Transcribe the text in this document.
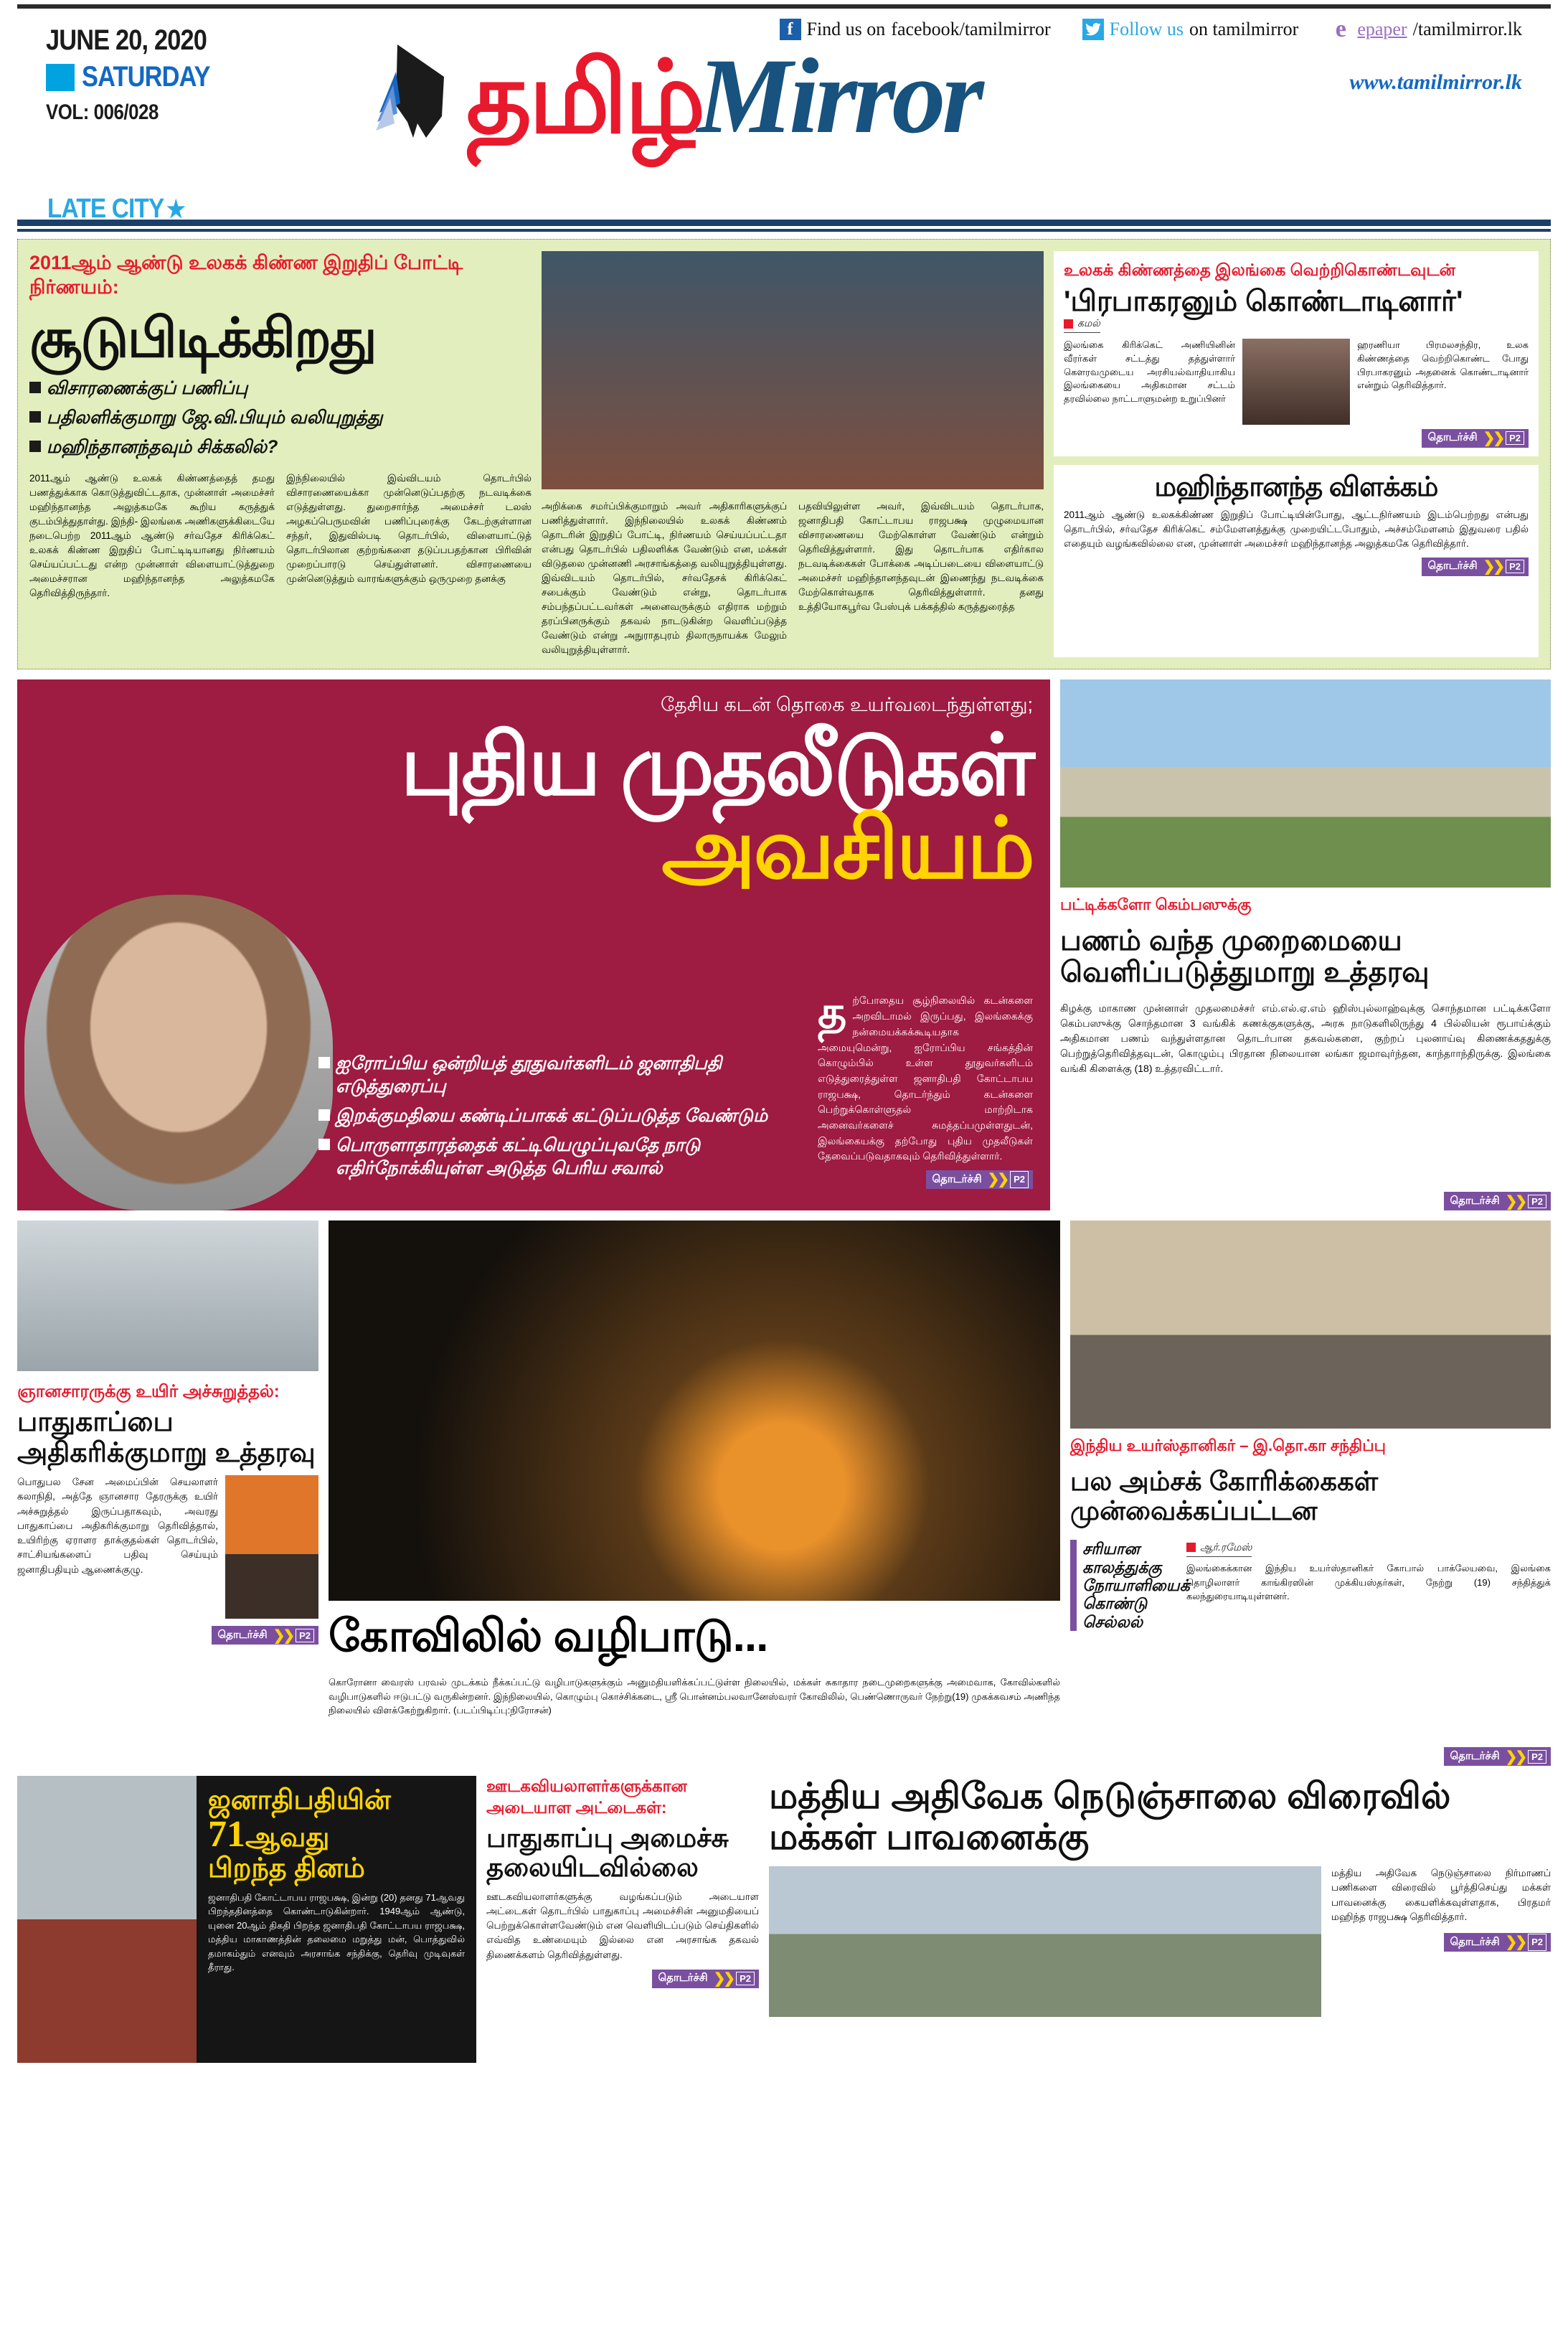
JUNE 20, 2020
SATURDAY
VOL: 006/028
LATE CITY ★
f Find us on facebook/tamilmirror	Follow us on tamilmirror e epaper /tamilmirror.lk
தமிழ்
Mirror	www.tamilmirror.lk
2011ஆம் ஆண்டு உலகக் கிண்ண இறுதிப் போட்டி நிர்ணயம்:
சூடுபிடிக்கிறது
விசாரணைக்குப் பணிப்பு
பதிலளிக்குமாறு ஜே.வி.பியும் வலியுறுத்து
மஹிந்தானந்தவும் சிக்கலில்?
2011ஆம் ஆண்டு உலகக் கிண்ணத்தைத் தமது பணத்துக்காக கொடுத்துவிட்டதாக, முன்னாள் அமைச்சர் மஹிந்தானந்த அலுத்கமகே கூறிய கருத்துக் குடம்பித்துதாள்து. இந்தி- இலங்கை அணிகளுக்கிடையே நடைபெற்ற 2011ஆம் ஆண்டு சர்வதேச கிரிக்கெட் உலகக் கிண்ண இறுதிப் போட்டிடியானது நிர்ணயம் செய்யப்பட்டது என்ற முன்னாள் விளையாட்டுத்துறை அமைச்சரான மஹிந்தானந்த அலுத்கமகே தெரிவித்திருந்தார்.
இந்நிலையில் இவ்விடயம் தொடர்பில் விசாரணையைக்கா முன்னெடுப்பதற்கு நடவடிக்கை எடுத்துள்ளது. துறைசார்ந்த அமைச்சர் டலஸ் அழகப்பெருமவின் பணிப்புரைக்கு கேடற்குள்ளான சந்தர், இதுவில்படி தொடர்பில், விளையாட்டுத் தொடர்பிலான குற்றங்களை தடுப்பபதற்கான பிரிவின் முறைப்பாரடு செய்துள்ளனர். விசாரணையை முன்னெடுத்தும் வாரங்களுக்கும் ஒருமுறை தனக்கு
அறிக்கை சமர்ப்பிக்குமாறும் அவர் அதிகாரிகளுக்குப் பணித்துள்ளார். இந்நிலையில் உலகக் கிண்ணம் தொடரின் இறுதிப் போட்டி, நிர்ணயம் செய்யப்பட்டதா என்பது தொடர்பில் பதிலளிக்க வேண்டும் என, மக்கள் விடுதலை முன்னணி அரசாங்கத்தை வலியுறுத்தியுள்ளது. இவ்விடயம் தொடர்பில், சர்வதேசக் கிரிக்கெட் சபைக்கும் வேண்டும் என்று, தொடர்பாக சம்பந்தப்பட்டவர்கள் அனைவருக்கும் எதிராக மற்றும் தரப்பினருக்கும் தகவல் நாடடுகின்ற வெளிப்படுத்த வேண்டும் என்று அநுராதபுரம் திலாருநாயக்க மேலும் வலியுறுத்தியுள்ளார்.
பதவியிலுள்ள அவர், இவ்விடயம் தொடர்பாக, ஜனாதிபதி கோட்டாபய ராஜபக்ஷ முழுமையான விசாரணையை மேற்கொள்ள வேண்டும் என்றும் தெரிவித்துள்ளார். இது தொடர்பாக எதிர்கால நடவடிக்கைகள் போக்கை அடிப்படையை விளையாட்டு அமைச்சர் மஹிந்தானந்தவுடன் இணைந்து நடவடிக்கை மேற்கொள்வதாக தெரிவித்துள்ளார். தனது உத்தியோகபூர்வ பேஸ்புக் பக்கத்தில் கருத்துரைத்த
உலகக் கிண்ணத்தை இலங்கை வெற்றிகொண்டவுடன்
'பிரபாகரனும் கொண்டாடினார்'
கமல்
இலங்கை கிரிக்கெட் அணியினின் வீரர்கள் சட்டத்து தத்துள்ளார் கௌரவமுடைய அரசியல்வாதியாகிய இலங்கையை அதிகமான சட்டம் தரவில்லை நாட்டாளுமன்ற உறுப்பினர்
ஹரணியா பிரமலசந்திர, உலக கிண்ணத்தை வெற்றிகொண்ட போது பிரபாகரனும் அதனைக் கொண்டாடினார் என்றும் தெரிவித்தார்.
தொடர்ச்சி ❯❯ P2
மஹிந்தானந்த விளக்கம்
2011ஆம் ஆண்டு உலகக்கிண்ண இறுதிப் போட்டியின்போது, ஆட்டநிர்ணயம் இடம்பெற்றது என்பது தொடர்பில், சர்வதேச கிரிக்கெட் சம்மேளனத்துக்கு முறையிட்டபோதும், அச்சம்மேளனம் இதுவரை பதில் எதையும் வழங்கவில்லை என, முன்னாள் அமைச்சர் மஹிந்தானந்த அலுத்கமகே தெரிவித்தார்.
தொடர்ச்சி ❯❯ P2
தேசிய கடன் தொகை உயர்வடைந்துள்ளது;
புதிய முதலீடுகள்
அவசியம்
ஐரோப்பிய ஒன்றியத் தூதுவர்களிடம் ஜனாதிபதி எடுத்துரைப்பு
இறக்குமதியை கண்டிப்பாகக் கட்டுப்படுத்த வேண்டும்
பொருளாதாரத்தைக் கட்டியெழுப்புவதே நாடு எதிர்நோக்கியுள்ள அடுத்த பெரிய சவால்
த ற்போதைய சூழ்நிலையில் கடன்களை அறவிடாமல் இருப்பது, இலங்கைக்கு நன்மையக்கக்கூடியதாக அமையுமென்று, ஐரோப்பிய சங்கத்தின் கொழும்பில் உள்ள தூதுவர்களிடம் எடுத்துரைத்துள்ள ஜனாதிபதி கோட்டாபய ராஜபக்ஷ, தொடர்ந்தும் கடன்களை பெற்றுக்கொள்ளுதல் மாற்றிடாக அனைவர்களைச் சுமத்தப்பமுள்ளதுடன், இலங்கையக்கு தற்போது புதிய முதலீடுகள் தேவைப்படுவதாகவும் தெரிவித்துள்ளார்.
தொடர்ச்சி ❯❯ P2
பட்டிக்களோ கெம்பஸுக்கு
பணம் வந்த முறைமையை வெளிப்படுத்துமாறு உத்தரவு
கிழக்கு மாகாண முன்னாள் முதலமைச்சர் எம்.எல்.ஏ.எம் ஹிஸ்புல்லாஹ்வுக்கு சொந்தமான பட்டிக்களோ கெம்பஸுக்கு சொந்தமான 3 வங்கிக் கணக்குகளுக்கு, அரசு நாடுகளிலிருந்து 4 பில்லியன் ரூபாய்க்கும் அதிகமான பணம் வந்துள்ளதான தொடர்பான தகவல்களை, குற்றப் புலனாய்வு கிணைக்கததுக்கு பெற்றுத்தெரிவித்தவுடன், கொழும்பு பிரதான நிலையான லங்கா ஜமாவுர்ந்தன, காந்தாாந்திருக்கு. இலங்கை வங்கி கிளைக்கு (18) உத்தரவிட்டார்.
தொடர்ச்சி ❯❯ P2
ஞானசாரருக்கு உயிர் அச்சுறுத்தல்:
பாதுகாப்பை அதிகரிக்குமாறு உத்தரவு
பொதுபல சேன அமைப்பின் செயலாளர் கலாநிதி, அத்தே ஞானசார தேரருக்கு உயிர் அச்சுறுத்தல் இருப்பதாகவும், அவரது பாதுகாப்பை அதிகரிக்குமாறு தெரிவித்தால், உயிரிற்கு ஏராளர தாக்குதல்கள் தொடர்பில், சாட்சியங்களைப் பதிவு செய்யும் ஜனாதிபதியும் ஆணைக்குழு.
தொடர்ச்சி ❯❯ P2 கோவிலில் வழிபாடு...
கொரோனா வைரஸ் பரவல் முடக்கம் நீக்கப்பட்டு வழிபாடுகளுக்கும் அனுமதியளிக்கப்பட்டுள்ள நிலையில், மக்கள் சுகாதார நடைமுறைகளுக்கு அமைவாக, கோவில்களில் வழிபாடுகளில் ஈடுபட்டு வருகின்றனர். இந்நிலையில், கொழும்பு கொச்சிக்கடை, ஸ்ரீ பொன்னம்பலவானேஸ்வரர் கோவிலில், பெண்ணொருவர் நேற்று(19) முகக்கவசம் அணிந்த நிலையில் விளக்கேற்றுகிறார். (படப்பிடிப்பு:நிரோசன்)
இந்திய உயர்ஸ்தானிகர் – இ.தொ.கா சந்திப்பு
பல அம்சக் கோரிக்கைகள் முன்வைக்கப்பட்டன
சரியான காலத்துக்கு நோயாளியைக் கொண்டு செல்லல்
ஆர்.ரமேஸ்
இலங்கைக்கான இந்திய உயர்ஸ்தானிகர் கோபால் பாக்லேயவை, இலங்கை தொழிலாளர் காங்கிரஸின் முக்கியஸ்தர்கள், நேற்று (19) சந்தித்துக் கலந்துரையாடியுள்ளனர்.
தொடர்ச்சி ❯❯ P2
ஜனாதிபதியின்
71ஆவது
பிறந்த தினம்
ஜனாதிபதி கோட்டாபய ராஜபக்ஷ, இன்று (20) தனது 71ஆவது பிறந்ததினத்தை கொண்டாடுகின்றார். 1949ஆம் ஆண்டு, யுனை 20ஆம் திகதி பிறந்த ஜனாதிபதி கோட்டாபய ராஜபக்ஷ, மத்திய மாகாணத்தின் தலைமை மறுத்து மன், பொத்துவில் தமாகம்தும் எனவும் அரசாங்க சந்திக்கு, தெரிவு முடிவுகள் தீராது.
ஊடகவியலாளர்களுக்கான அடையாள அட்டைகள்:
பாதுகாப்பு அமைச்சு தலையிடவில்லை
ஊடகவியலாளர்களுக்கு வழங்கப்படும் அடையாள அட்டைகள் தொடர்பில் பாதுகாப்பு அமைச்சின் அனுமதியைப் பெற்றுக்கொள்ளவேண்டும் என வெளியிடப்படும் செய்திகளில் எவ்வித உண்மையும் இல்லை என அரசாங்க தகவல் திணைக்களம் தெரிவித்துள்ளது.
தொடர்ச்சி ❯❯ P2
மத்திய அதிவேக நெடுஞ்சாலை விரைவில் மக்கள் பாவனைக்கு
மத்திய அதிவேக நெடுஞ்சாலை நிர்மாணப் பணிகளை விரைவில் பூர்த்திசெய்து மக்கள் பாவனைக்கு கையளிக்கவுள்ளதாக, பிரதமர் மஹிந்த ராஜபக்ஷ தெரிவித்தார்.
தொடர்ச்சி ❯❯ P2
